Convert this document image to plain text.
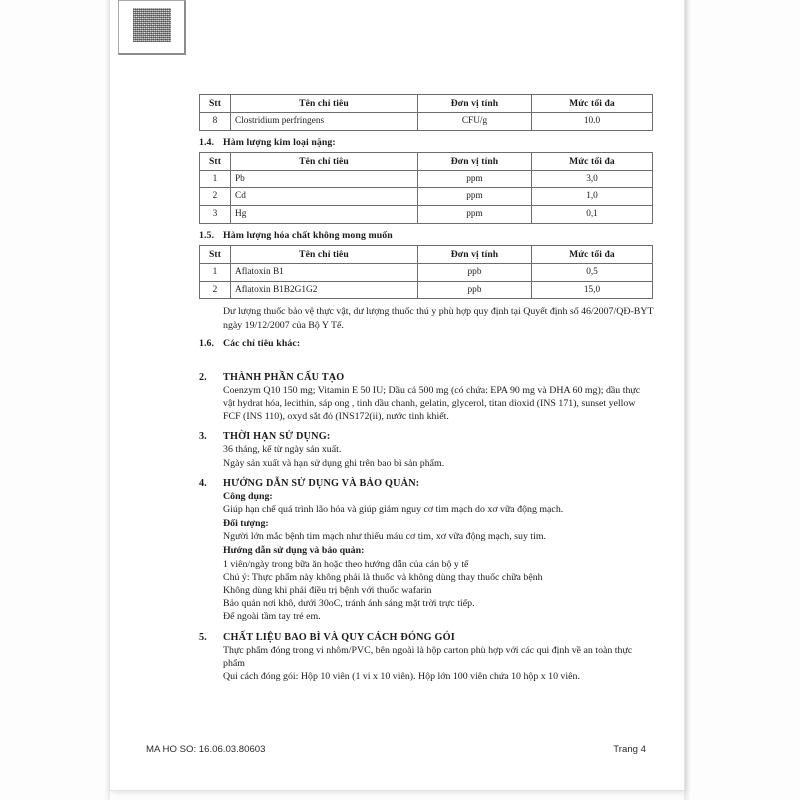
Stt	Tên chỉ tiêu	Đơn vị tính	Mức tối đa
8	Clostridium perfringens	CFU/g	10.0
1.4. Hàm lượng kim loại nặng:
Stt	Tên chỉ tiêu	Đơn vị tính	Mức tối đa
1	Pb	ppm	3,0
2	Cd	ppm	1,0
3	Hg	ppm	0,1
1.5. Hàm lượng hóa chất không mong muốn
Stt	Tên chỉ tiêu	Đơn vị tính	Mức tối đa
1	Aflatoxin B1	ppb	0,5
2	Aflatoxin B1B2G1G2	ppb	15,0
Dư lượng thuốc bảo vệ thực vật, dư lượng thuốc thú y phù hợp quy định tại Quyết định số 46/2007/QĐ-BYT ngày 19/12/2007 của Bộ Y Tế.
1.6. Các chỉ tiêu khác:
2.	THÀNH PHẦN CẤU TẠO
Coenzym Q10 150 mg; Vitamin E 50 IU; Dầu cá 500 mg (có chứa: EPA 90 mg và DHA 60 mg); dầu thực vật hydrat hóa, lecithin, sáp ong , tinh dầu chanh, gelatin, glycerol, titan dioxid (INS 171), sunset yellow FCF (INS 110), oxyd sắt đỏ (INS172(ii), nước tinh khiết.
3.	THỜI HẠN SỬ DỤNG:
36 tháng, kể từ ngày sản xuất.
Ngày sản xuất và hạn sử dụng ghi trên bao bì sản phẩm.
4.	HƯỚNG DẪN SỬ DỤNG VÀ BẢO QUẢN:
Công dụng:
Giúp hạn chế quá trình lão hóa và giúp giảm nguy cơ tim mạch do xơ vữa động mạch.
Đối tượng:
Người lớn mắc bệnh tim mạch như thiếu máu cơ tim, xơ vữa động mạch, suy tim.
Hướng dẫn sử dụng và bảo quản:
1 viên/ngày trong bữa ăn hoặc theo hướng dẫn của cán bộ y tế
Chú ý: Thực phẩm này không phải là thuốc và không dùng thay thuốc chữa bệnh
Không dùng khi phải điều trị bệnh với thuốc wafarin
Bảo quản nơi khô, dưới 30oC, tránh ánh sáng mặt trời trực tiếp.
Để ngoài tầm tay trẻ em.
5.	CHẤT LIỆU BAO BÌ VÀ QUY CÁCH ĐÓNG GÓI
Thực phẩm đóng trong vi nhôm/PVC, bên ngoài là hộp carton phù hợp với các qui định về an toàn thực phẩm
Qui cách đóng gói: Hộp 10 viên (1 vi x 10 viên). Hộp lớn 100 viên chứa 10 hộp x 10 viên.
MA HO SO: 16.06.03.80603	Trang 4
